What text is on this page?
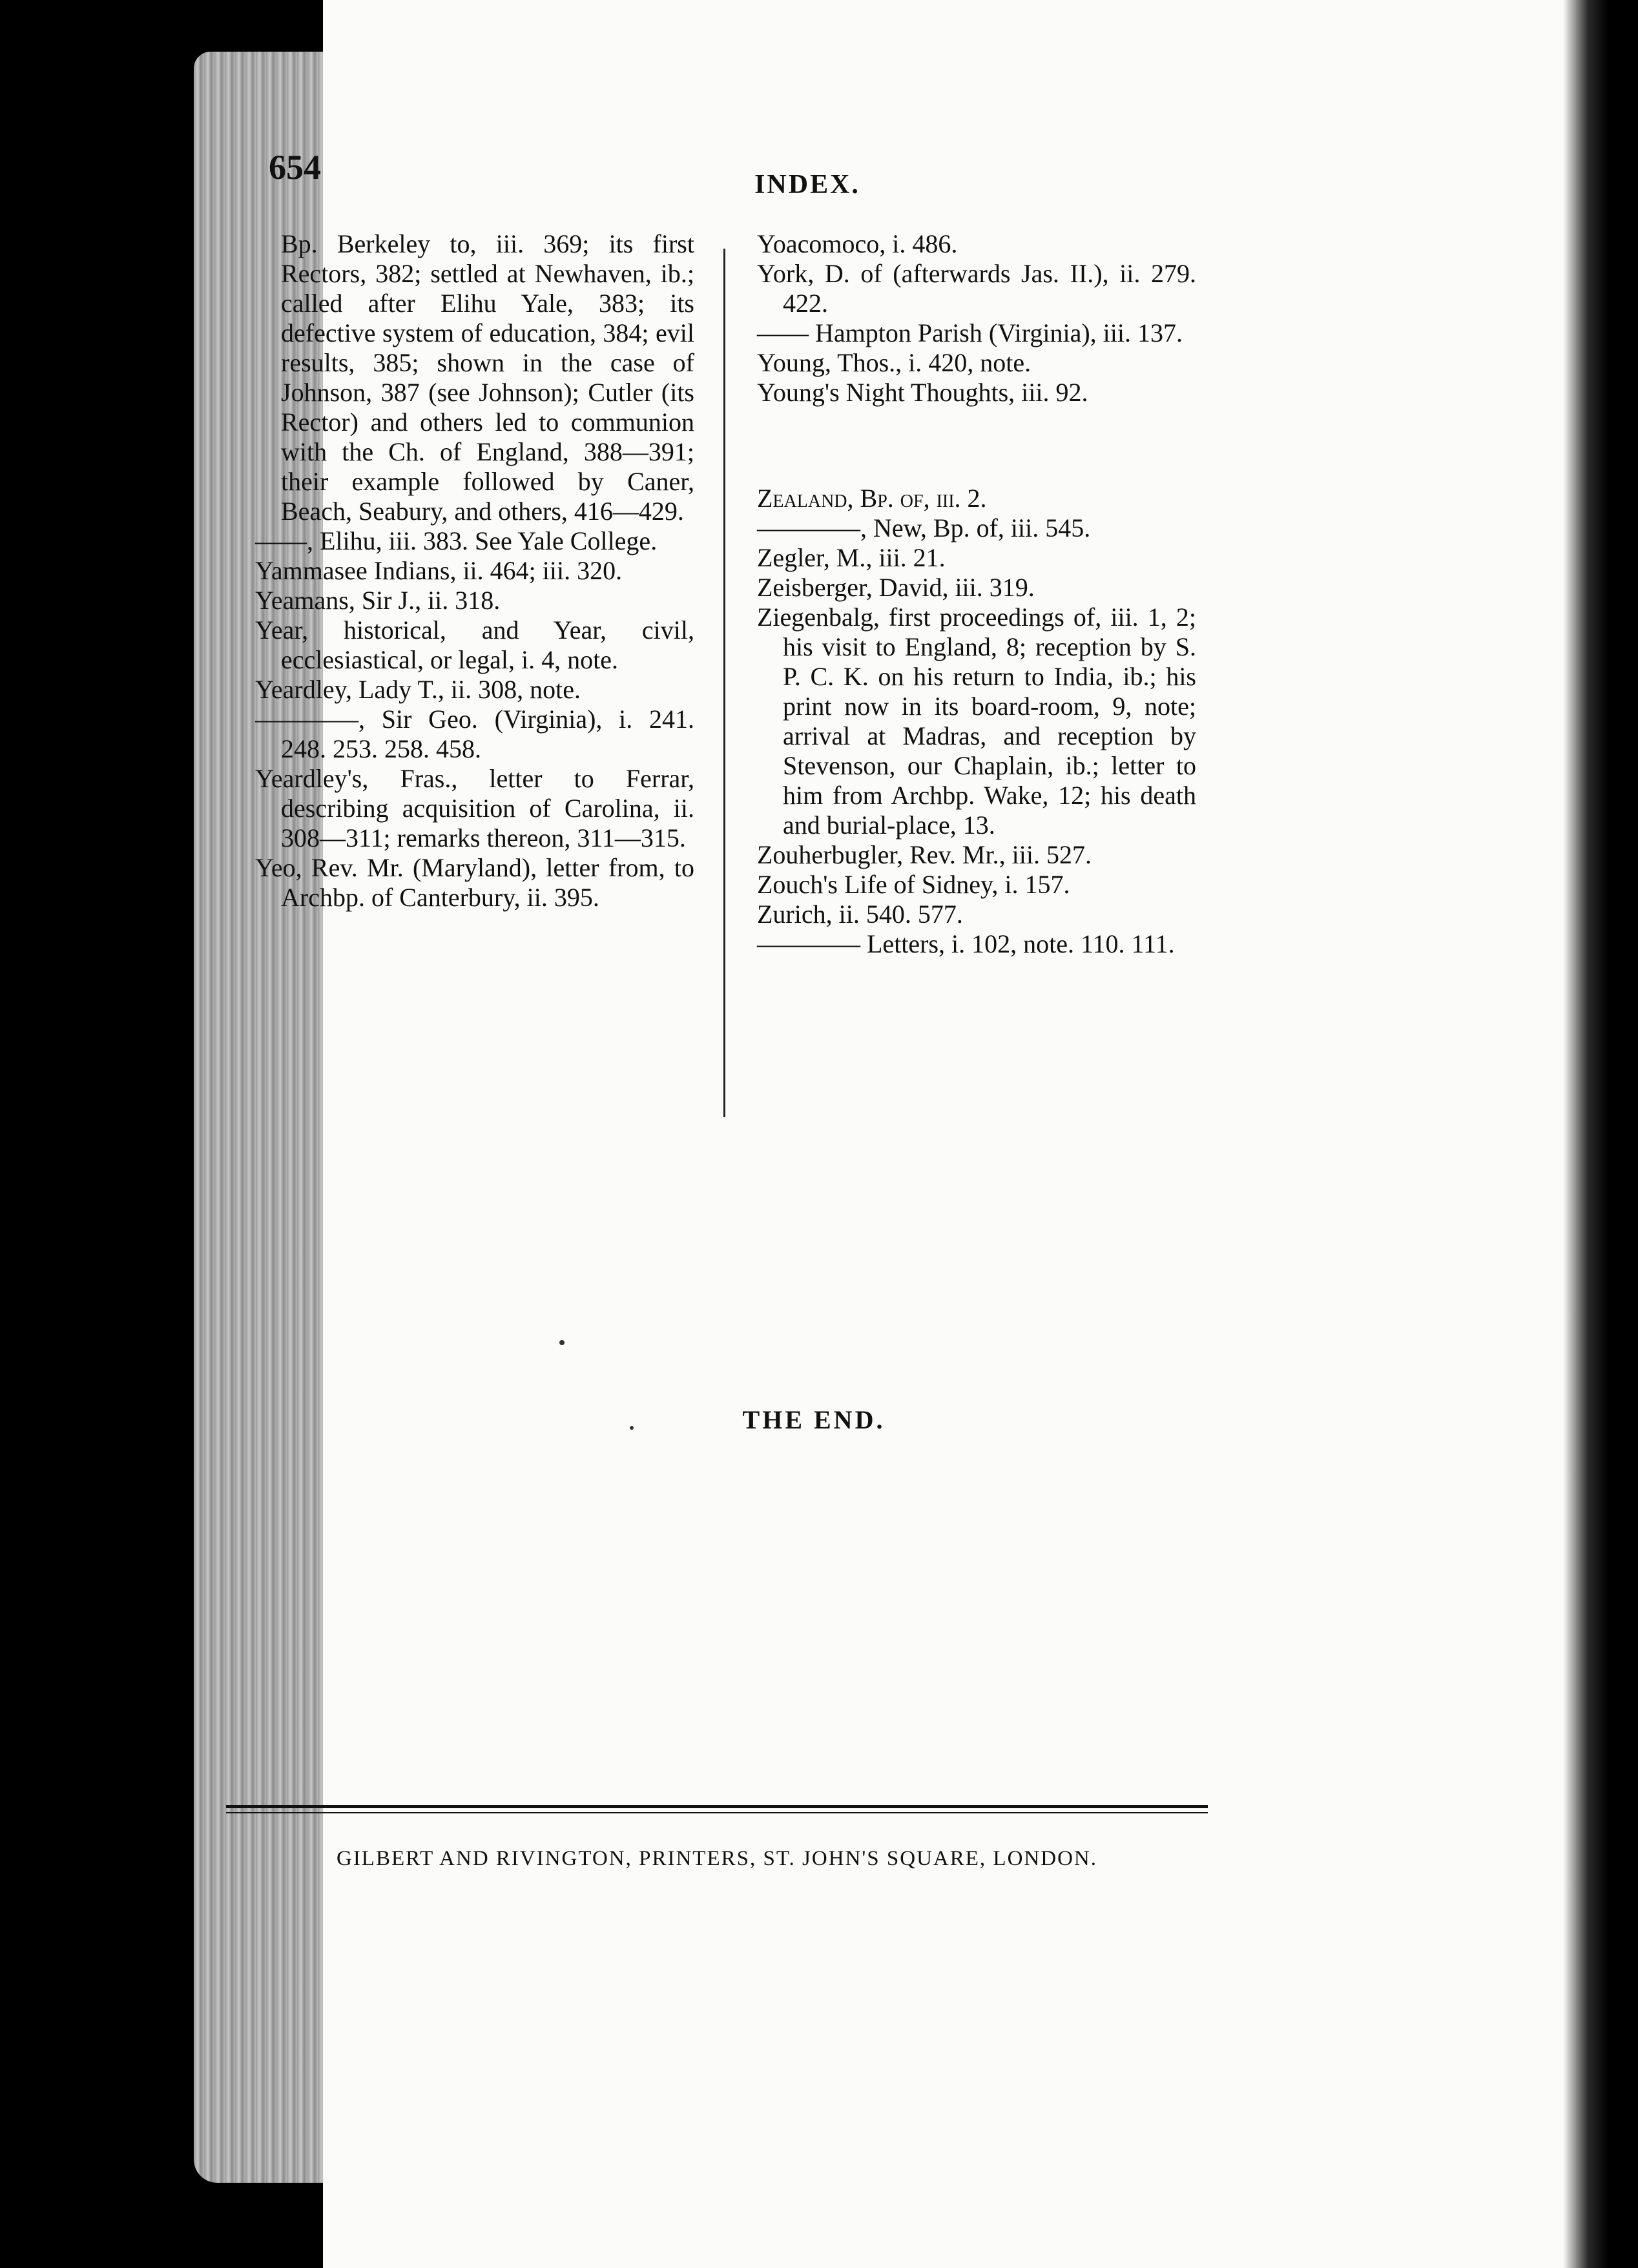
654	INDEX.
Bp. Berkeley to, iii. 369; its first Rectors, 382; settled at Newhaven, ib.; called after Elihu Yale, 383; its defective system of education, 384; evil results, 385; shown in the case of Johnson, 387 (see Johnson); Cutler (its Rector) and others led to communion with the Ch. of England, 388—391; their example followed by Caner, Beach, Seabury, and others, 416—429.
——, Elihu, iii. 383. See Yale College.
Yammasee Indians, ii. 464; iii. 320.
Yeamans, Sir J., ii. 318.
Year, historical, and Year, civil, ecclesiastical, or legal, i. 4, note.
Yeardley, Lady T., ii. 308, note.
————, Sir Geo. (Virginia), i. 241. 248. 253. 258. 458.
Yeardley's, Fras., letter to Ferrar, describing acquisition of Carolina, ii. 308—311; remarks thereon, 311—315.
Yeo, Rev. Mr. (Maryland), letter from, to Archbp. of Canterbury, ii. 395.
Yoacomoco, i. 486.
York, D. of (afterwards Jas. II.), ii. 279. 422.
—— Hampton Parish (Virginia), iii. 137.
Young, Thos., i. 420, note.
Young's Night Thoughts, iii. 92.
Zealand, Bp. of, iii. 2.
————, New, Bp. of, iii. 545.
Zegler, M., iii. 21.
Zeisberger, David, iii. 319.
Ziegenbalg, first proceedings of, iii. 1, 2; his visit to England, 8; reception by S. P. C. K. on his return to India, ib.; his print now in its board-room, 9, note; arrival at Madras, and reception by Stevenson, our Chaplain, ib.; letter to him from Archbp. Wake, 12; his death and burial-place, 13.
Zouherbugler, Rev. Mr., iii. 527.
Zouch's Life of Sidney, i. 157.
Zurich, ii. 540. 577.
———— Letters, i. 102, note. 110. 111.
THE END.
GILBERT AND RIVINGTON, PRINTERS, ST. JOHN'S SQUARE, LONDON.
